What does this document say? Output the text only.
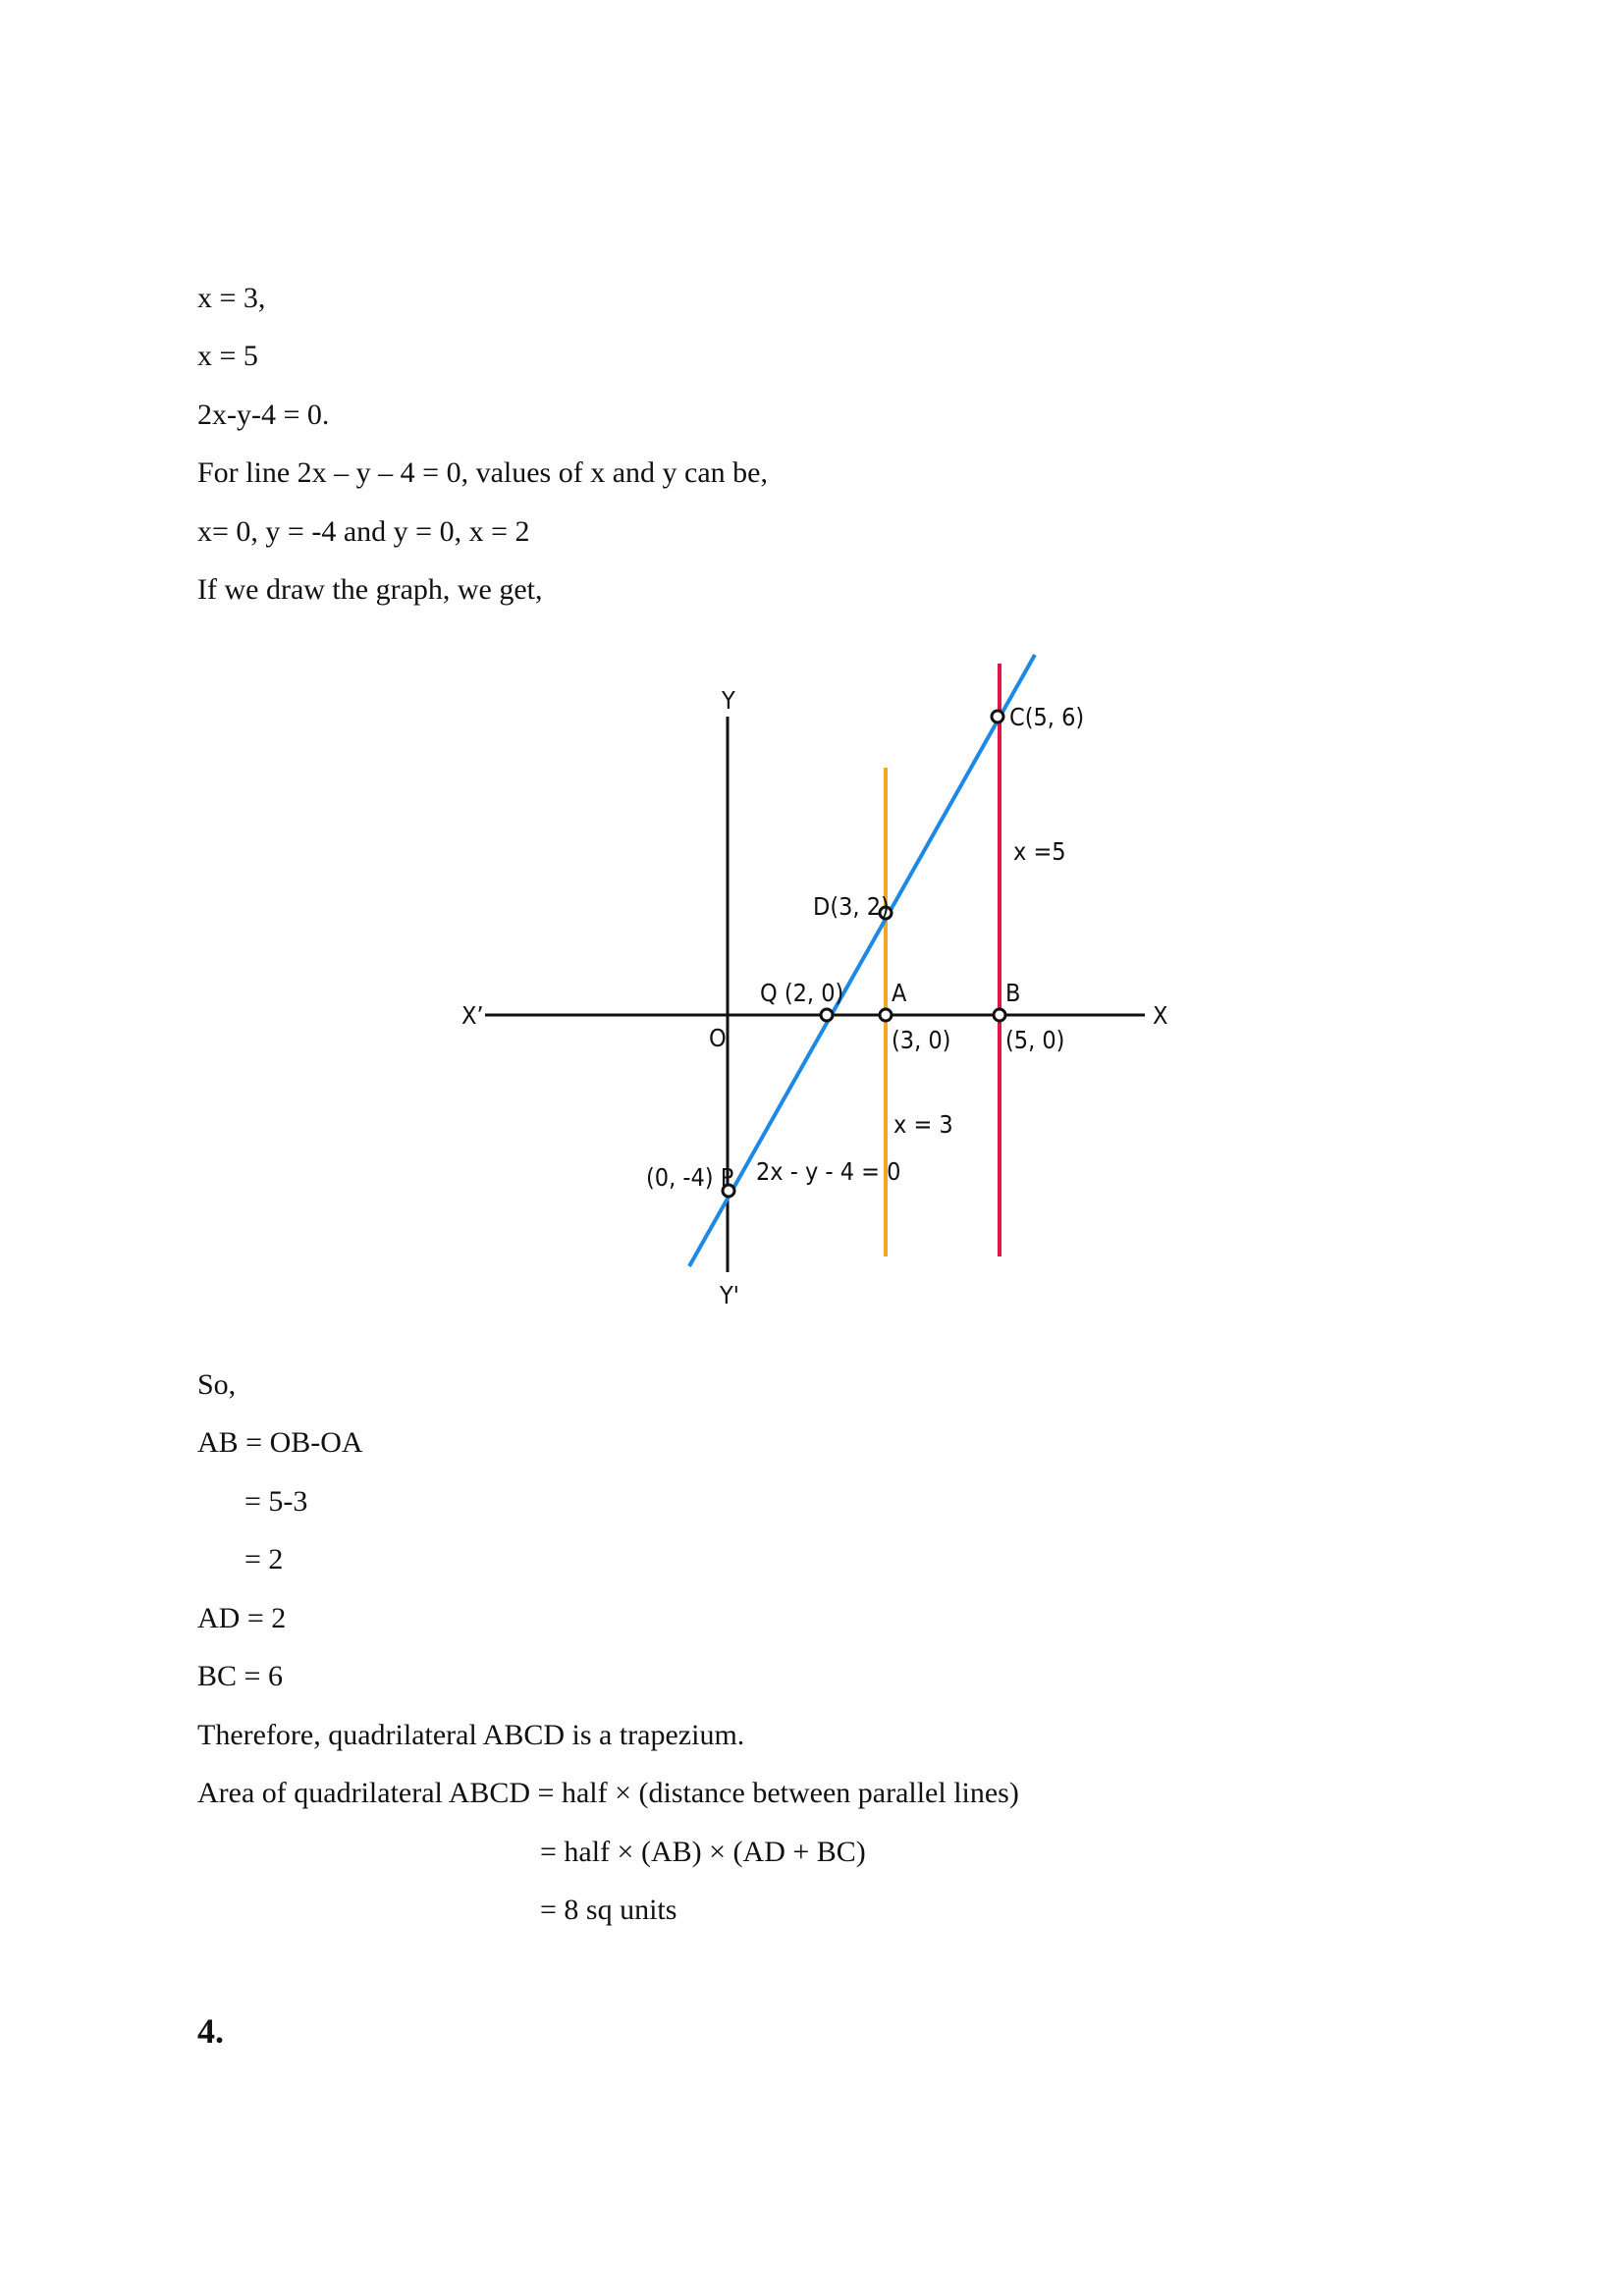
x = 3,
x = 5
2x-y-4 = 0.
For line 2x – y – 4 = 0, values of x and y can be,
x= 0, y = -4 and y = 0, x = 2
If we draw the graph, we get,
Y
Y'
X
X’
O
C(5, 6)
D(3, 2)
Q (2, 0) A	B
(3, 0) (5, 0)
(0, -4) P
x =5
x = 3
2x - y - 4 = 0
So,
AB = OB-OA
= 5-3
= 2
AD = 2
BC = 6
Therefore, quadrilateral ABCD is a trapezium.
Area of quadrilateral ABCD = half × (distance between parallel lines)
= half × (AB) × (AD + BC)
= 8 sq units
4.
